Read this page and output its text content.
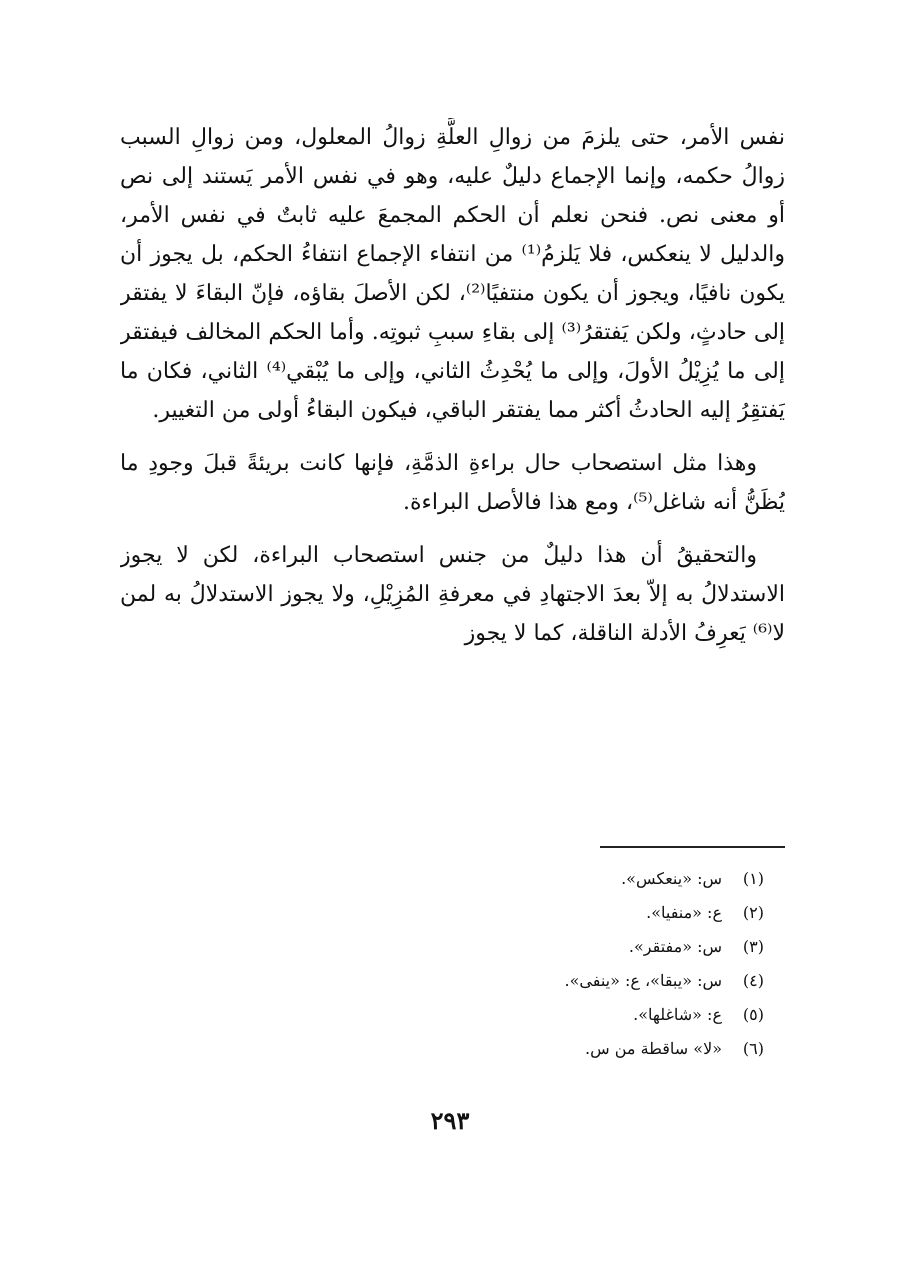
نفس الأمر، حتى يلزمَ من زوالِ العلَّةِ زوالُ المعلول، ومن زوالِ السبب زوالُ حكمه، وإنما الإجماع دليلٌ عليه، وهو في نفس الأمر يَستند إلى نص أو معنى نص. فنحن نعلم أن الحكم المجمعَ عليه ثابتٌ في نفس الأمر، والدليل لا ينعكس، فلا يَلزمُ⁽¹⁾ من انتفاء الإجماع انتفاءُ الحكم، بل يجوز أن يكون نافيًا، ويجوز أن يكون منتفيًا⁽²⁾، لكن الأصلَ بقاؤه، فإنّ البقاءَ لا يفتقر إلى حادثٍ، ولكن يَفتقرُ⁽³⁾ إلى بقاءِ سببِ ثبوتِه. وأما الحكم المخالف فيفتقر إلى ما يُزِيْلُ الأولَ، وإلى ما يُحْدِثُ الثاني، وإلى ما يُبْقي⁽⁴⁾ الثاني، فكان ما يَفتقِرُ إليه الحادثُ أكثر مما يفتقر الباقي، فيكون البقاءُ أولى من التغيير.

وهذا مثل استصحاب حال براءةِ الذمَّةِ، فإنها كانت بريئةً قبلَ وجودِ ما يُظَنُّ أنه شاغل⁽⁵⁾، ومع هذا فالأصل البراءة.

والتحقيقُ أن هذا دليلٌ من جنس استصحاب البراءة، لكن لا يجوز الاستدلالُ به إلاّ بعدَ الاجتهادِ في معرفةِ المُزِيْلِ، ولا يجوز الاستدلالُ به لمن لا⁽⁶⁾ يَعرِفُ الأدلة الناقلة، كما لا يجوز

(١)
س: «ينعكس».
(٢)
ع: «منفيا».
(٣)
س: «مفتقر».
(٤)
س: «يبقا»، ع: «ينفى».
(٥)
ع: «شاغلها».
(٦)
«لا» ساقطة من س.
٢٩٣
